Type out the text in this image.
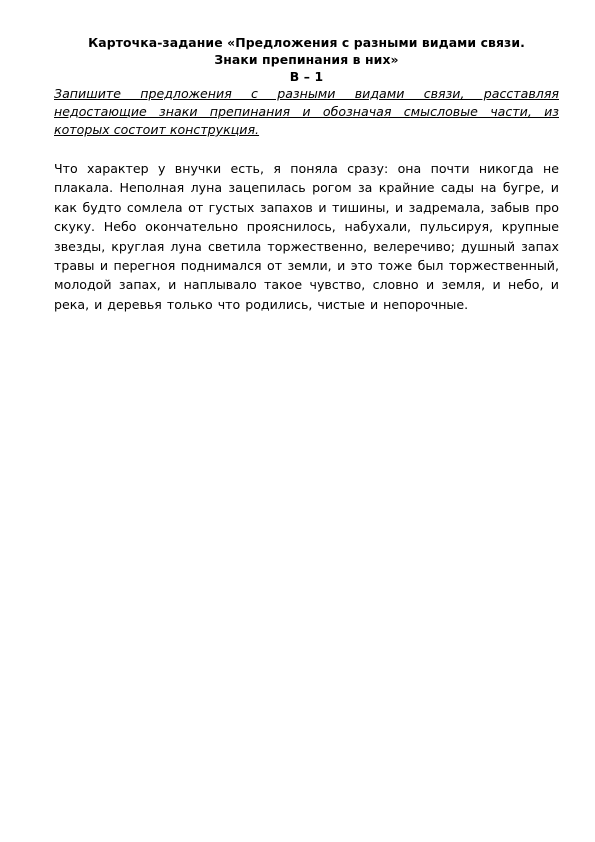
Карточка-задание «Предложения с разными видами связи.
Знаки препинания в них»
В – 1

Запишите предложения с разными видами связи, расставляя недостающие знаки препинания и обозначая смысловые части, из которых состоит конструкция.

Что характер у внучки есть, я поняла сразу: она почти никогда не плакала. Неполная луна зацепилась рогом за крайние сады на бугре, и как будто сомлела от густых запахов и тишины, и задремала, забыв про скуку. Небо окончательно прояснилось, набухали, пульсируя, крупные звезды, круглая луна светила торжественно, велеречиво; душный запах травы и перегноя поднимался от земли, и это тоже был торжественный, молодой запах, и наплывало такое чувство, словно и земля, и небо, и река, и деревья только что родились, чистые и непорочные.
